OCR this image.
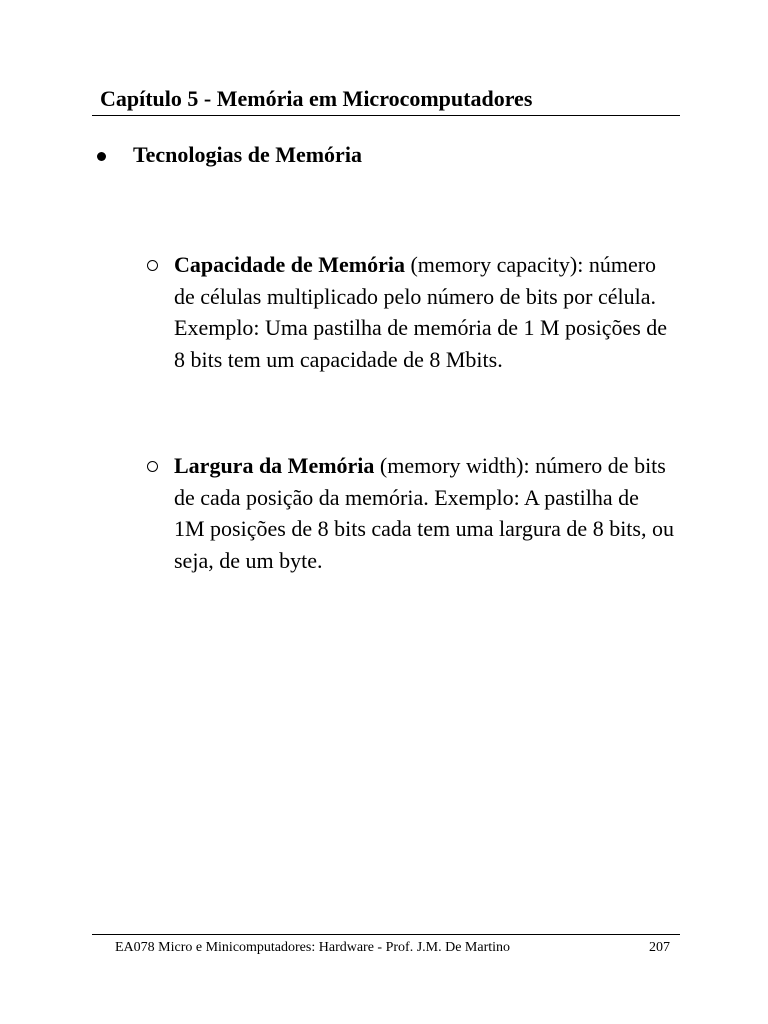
Capítulo 5 - Memória em Microcomputadores
Tecnologias de Memória
Capacidade de Memória (memory capacity): número de células multiplicado pelo número de bits por célula. Exemplo: Uma pastilha de memória de 1 M posições de 8 bits tem um capacidade de 8 Mbits.
Largura da Memória (memory width): número de bits de cada posição da memória. Exemplo: A pastilha de 1M posições de 8 bits cada tem uma largura de 8 bits, ou seja, de um byte.
EA078 Micro e Minicomputadores: Hardware - Prof. J.M. De Martino	207
